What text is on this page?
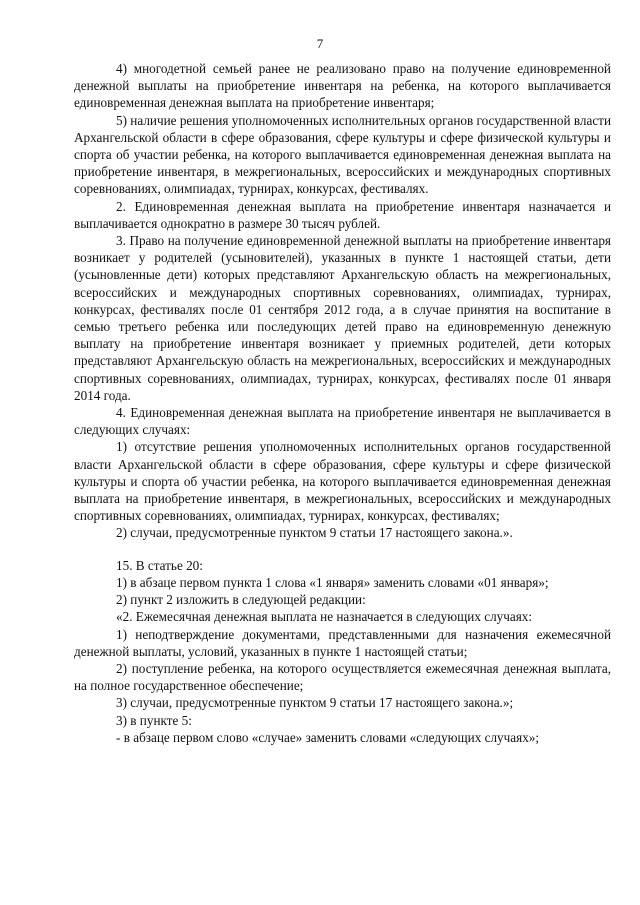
7

4) многодетной семьей ранее не реализовано право на получение единовременной денежной выплаты на приобретение инвентаря на ребенка, на которого выплачивается единовременная денежная выплата на приобретение инвентаря;

5) наличие решения уполномоченных исполнительных органов государственной власти Архангельской области в сфере образования, сфере культуры и сфере физической культуры и спорта об участии ребенка, на которого выплачивается единовременная денежная выплата на приобретение инвентаря, в межрегиональных, всероссийских и международных спортивных соревнованиях, олимпиадах, турнирах, конкурсах, фестивалях.

2. Единовременная денежная выплата на приобретение инвентаря назначается и выплачивается однократно в размере 30 тысяч рублей.

3. Право на получение единовременной денежной выплаты на приобретение инвентаря возникает у родителей (усыновителей), указанных в пункте 1 настоящей статьи, дети (усыновленные дети) которых представляют Архангельскую область на межрегиональных, всероссийских и международных спортивных соревнованиях, олимпиадах, турнирах, конкурсах, фестивалях после 01 сентября 2012 года, а в случае принятия на воспитание в семью третьего ребенка или последующих детей право на единовременную денежную выплату на приобретение инвентаря возникает у приемных родителей, дети которых представляют Архангельскую область на межрегиональных, всероссийских и международных спортивных соревнованиях, олимпиадах, турнирах, конкурсах, фестивалях после 01 января 2014 года.

4. Единовременная денежная выплата на приобретение инвентаря не выплачивается в следующих случаях:

1) отсутствие решения уполномоченных исполнительных органов государственной власти Архангельской области в сфере образования, сфере культуры и сфере физической культуры и спорта об участии ребенка, на которого выплачивается единовременная денежная выплата на приобретение инвентаря, в межрегиональных, всероссийских и международных спортивных соревнованиях, олимпиадах, турнирах, конкурсах, фестивалях;

2) случаи, предусмотренные пунктом 9 статьи 17 настоящего закона.».

15. В статье 20:

1) в абзаце первом пункта 1 слова «1 января» заменить словами «01 января»;

2) пункт 2 изложить в следующей редакции:

«2. Ежемесячная денежная выплата не назначается в следующих случаях:

1) неподтверждение документами, представленными для назначения ежемесячной денежной выплаты, условий, указанных в пункте 1 настоящей статьи;

2) поступление ребенка, на которого осуществляется ежемесячная денежная выплата, на полное государственное обеспечение;

3) случаи, предусмотренные пунктом 9 статьи 17 настоящего закона.»;

3) в пункте 5:

- в абзаце первом слово «случае» заменить словами «следующих случаях»;
